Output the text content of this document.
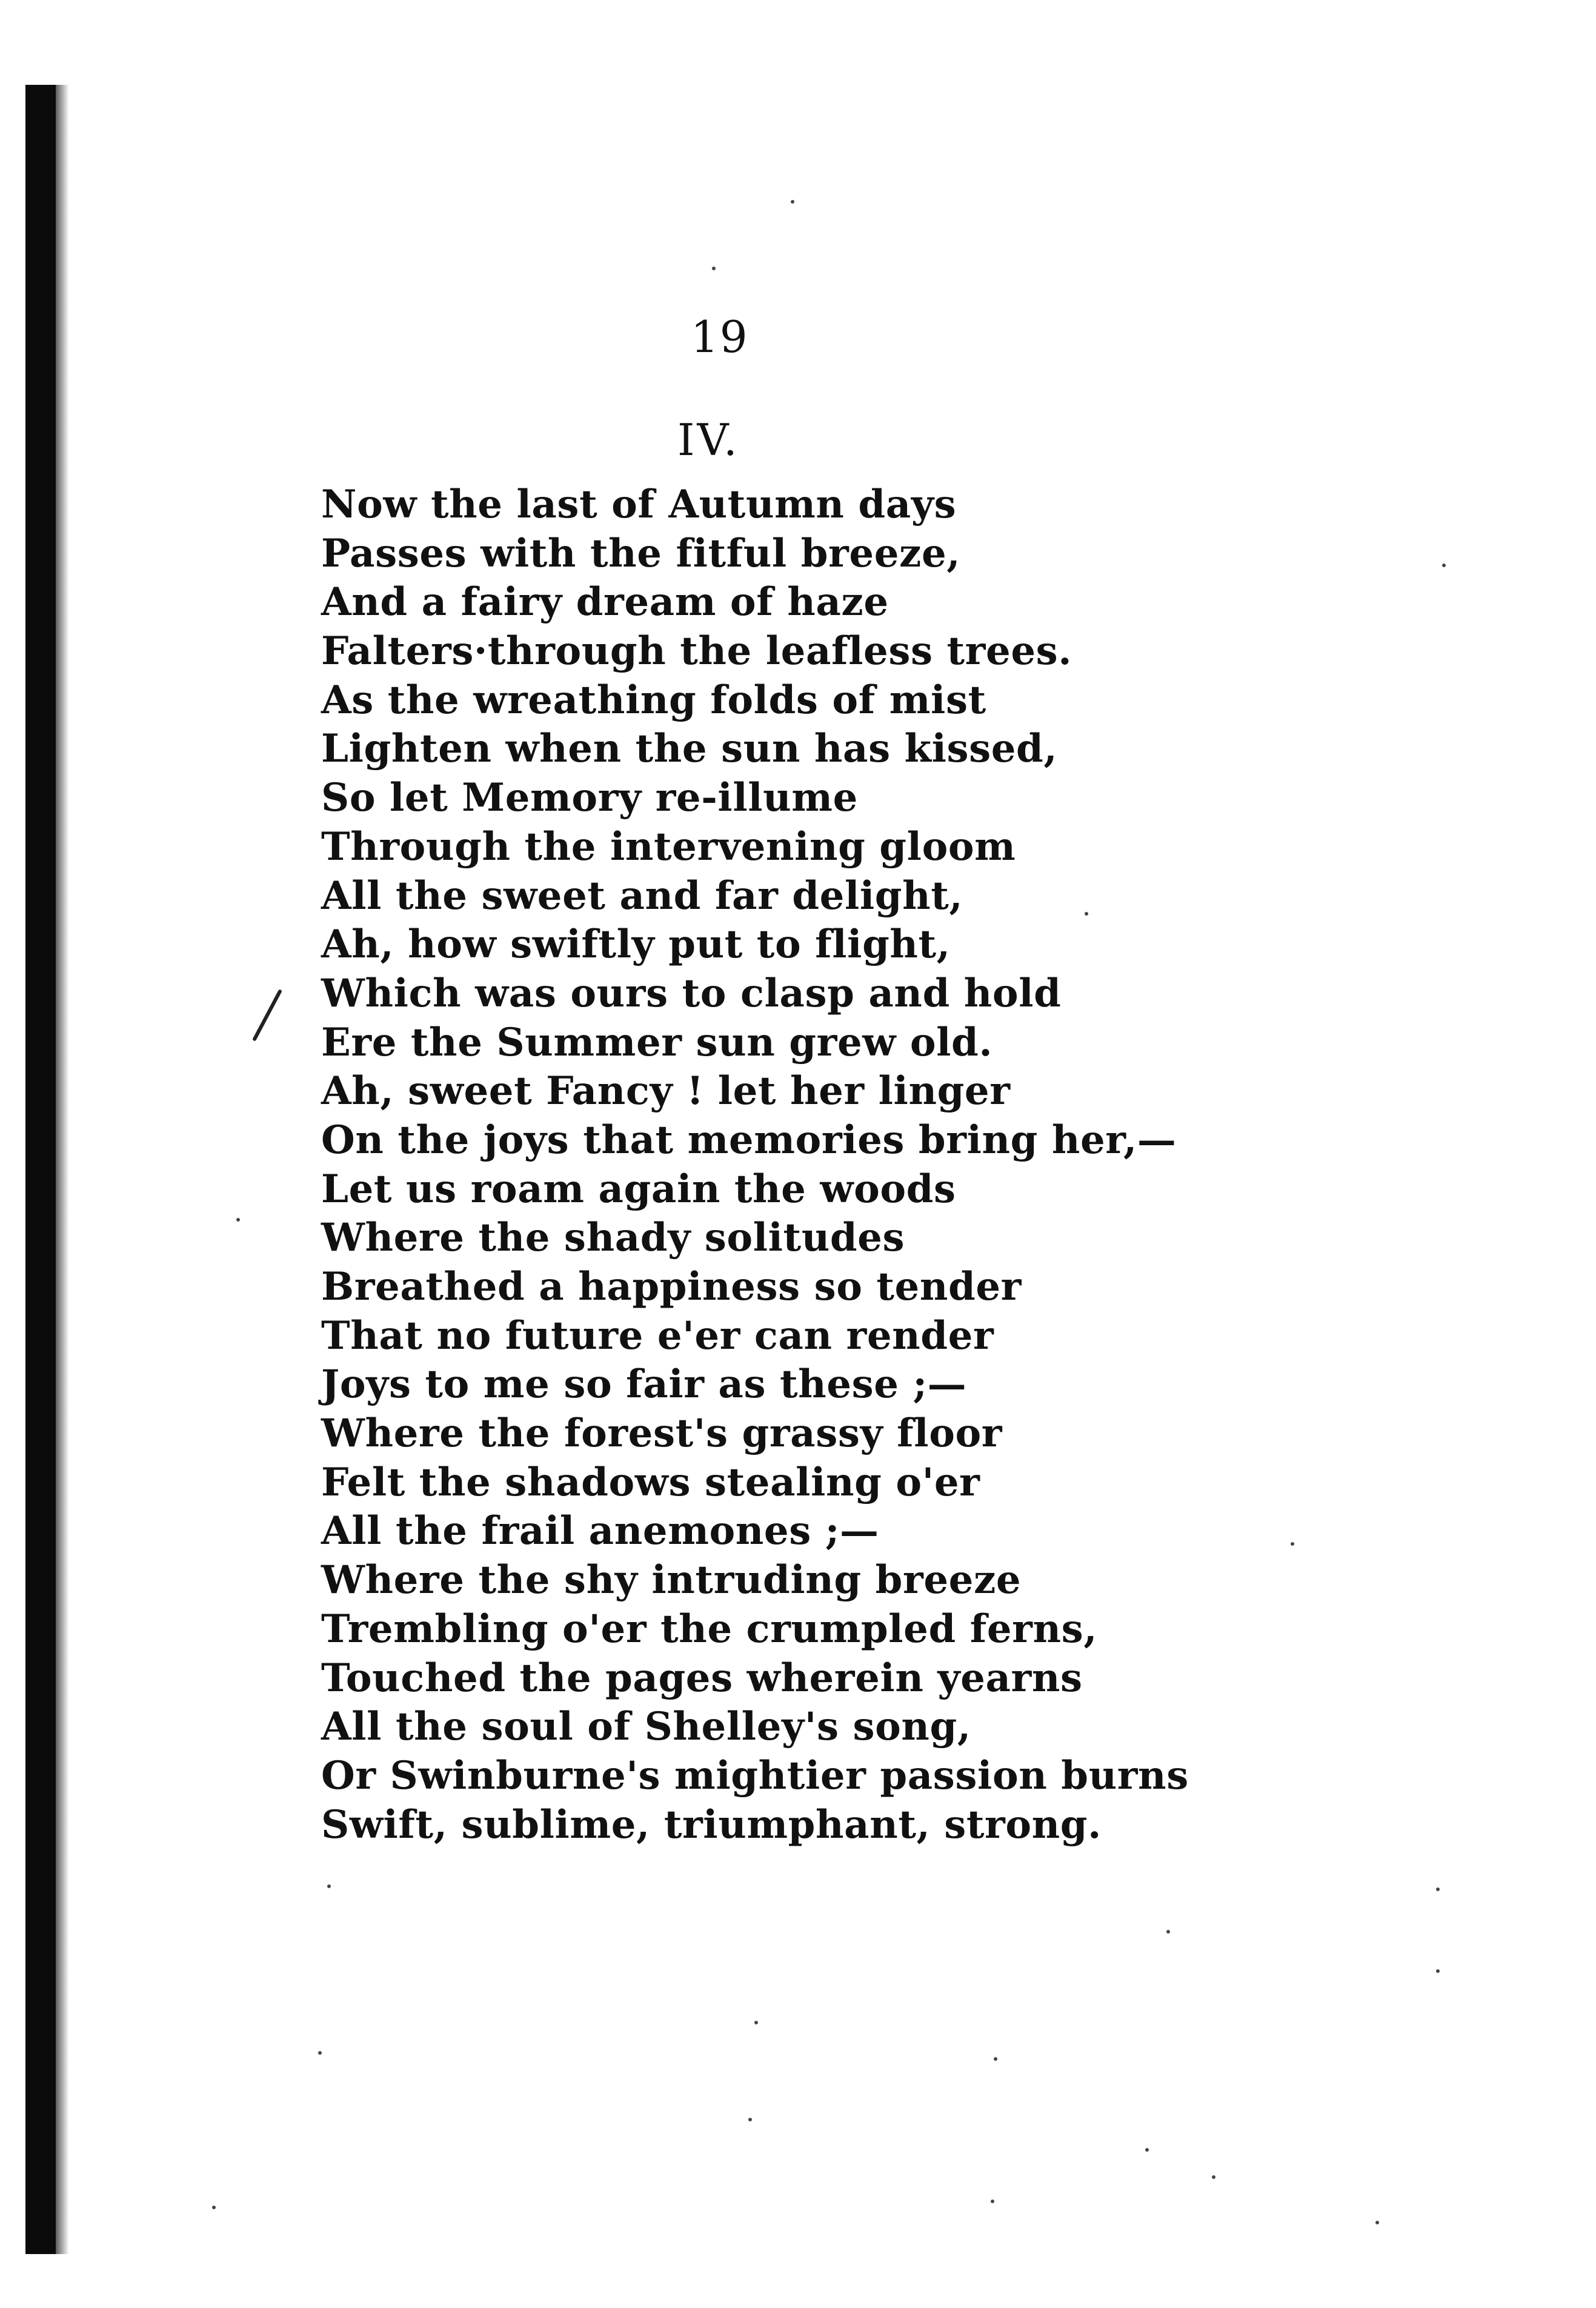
19
IV.
Now the last of Autumn days
Passes with the fitful breeze,
And a fairy dream of haze
Falters·through the leafless trees.
As the wreathing folds of mist
Lighten when the sun has kissed,
So let Memory re-illume
Through the intervening gloom
All the sweet and far delight,
Ah, how swiftly put to flight,
Which was ours to clasp and hold
Ere the Summer sun grew old.
Ah, sweet Fancy ! let her linger
On the joys that memories bring her,—
Let us roam again the woods
Where the shady solitudes
Breathed a happiness so tender
That no future e'er can render
Joys to me so fair as these ;—
Where the forest's grassy floor
Felt the shadows stealing o'er
All the frail anemones ;—
Where the shy intruding breeze
Trembling o'er the crumpled ferns,
Touched the pages wherein yearns
All the soul of Shelley's song,
Or Swinburne's mightier passion burns
Swift, sublime, triumphant, strong.
